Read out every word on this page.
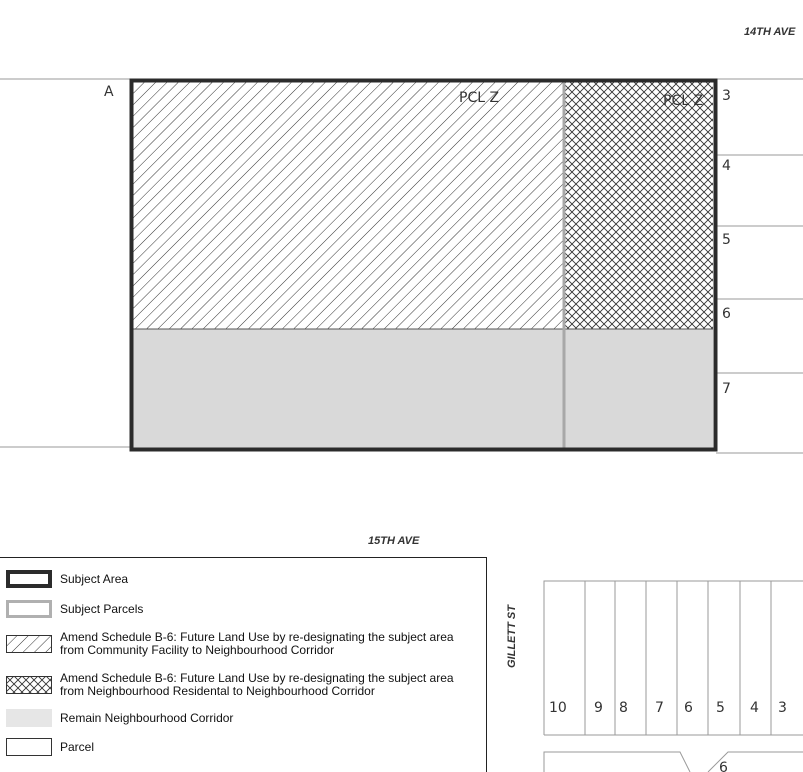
A	PCL Z	PCL Z 3
4
5
6
7
14TH AVE
15TH AVE
GILLETT ST
10 9 8 7 6 5 4 3
6
Subject Area
Subject Parcels
Amend Schedule B-6: Future Land Use by re-designating the subject area from Community Facility to Neighbourhood Corridor
Amend Schedule B-6: Future Land Use by re-designating the subject area from Neighbourhood Residental to Neighbourhood Corridor
Remain Neighbourhood Corridor
Parcel
